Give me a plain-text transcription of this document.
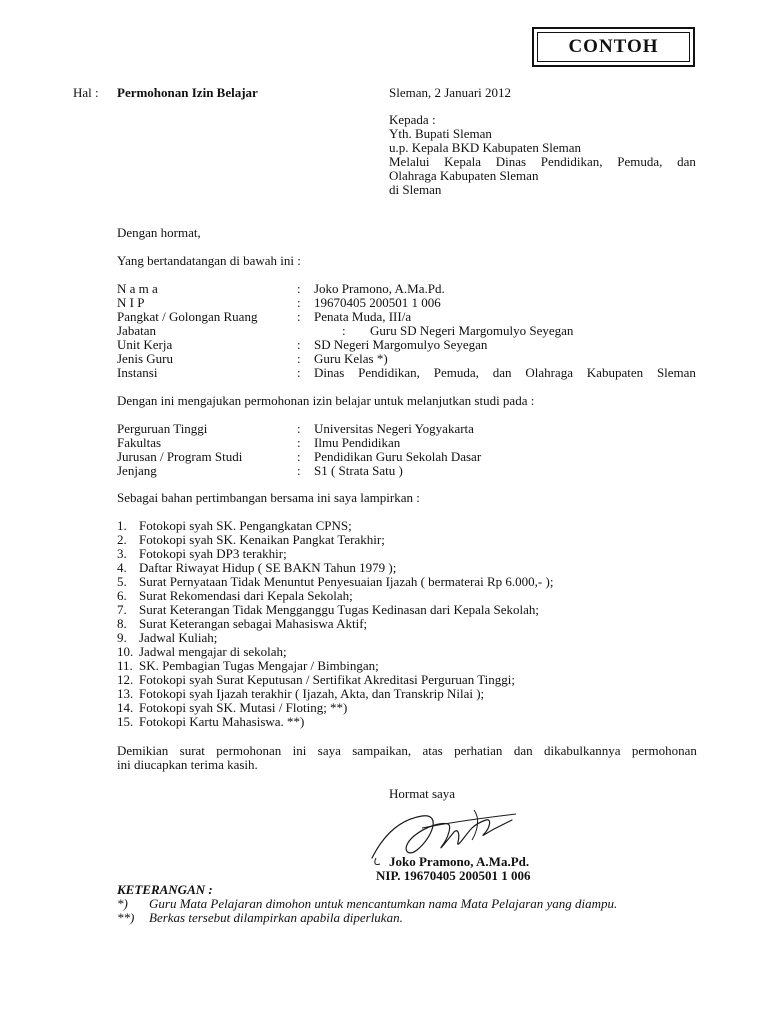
CONTOH
Hal : Permohonan Izin Belajar	Sleman, 2 Januari 2012
Kepada :
Yth. Bupati Sleman
u.p. Kepala BKD Kabupaten Sleman
Melalui Kepala Dinas Pendidikan, Pemuda, dan
Olahraga Kabupaten Sleman
di Sleman
Dengan hormat,
Yang bertandatangan di bawah ini :
N a m a	: Joko Pramono, A.Ma.Pd.
N I P	: 19670405 200501 1 006
Pangkat / Golongan Ruang	: Penata Muda, III/a
Jabatan	: Guru SD Negeri Margomulyo Seyegan
Unit Kerja	: SD Negeri Margomulyo Seyegan
Jenis Guru	: Guru Kelas *)
Instansi	: Dinas Pendidikan, Pemuda, dan Olahraga Kabupaten Sleman
Dengan ini mengajukan permohonan izin belajar untuk melanjutkan studi pada :
Perguruan Tinggi	: Universitas Negeri Yogyakarta
Fakultas	: Ilmu Pendidikan
Jurusan / Program Studi	: Pendidikan Guru Sekolah Dasar
Jenjang	: S1 ( Strata Satu )
Sebagai bahan pertimbangan bersama ini saya lampirkan :
1. Fotokopi syah SK. Pengangkatan CPNS;
2. Fotokopi syah SK. Kenaikan Pangkat Terakhir;
3. Fotokopi syah DP3 terakhir;
4. Daftar Riwayat Hidup ( SE BAKN Tahun 1979 );
5. Surat Pernyataan Tidak Menuntut Penyesuaian Ijazah ( bermaterai Rp 6.000,- );
6. Surat Rekomendasi dari Kepala Sekolah;
7. Surat Keterangan Tidak Mengganggu Tugas Kedinasan dari Kepala Sekolah;
8. Surat Keterangan sebagai Mahasiswa Aktif;
9. Jadwal Kuliah;
10. Jadwal mengajar di sekolah;
11. SK. Pembagian Tugas Mengajar / Bimbingan;
12. Fotokopi syah Surat Keputusan / Sertifikat Akreditasi Perguruan Tinggi;
13. Fotokopi syah Ijazah terakhir ( Ijazah, Akta, dan Transkrip Nilai );
14. Fotokopi syah SK. Mutasi / Floting; **)
15. Fotokopi Kartu Mahasiswa. **)
Demikian surat permohonan ini saya sampaikan, atas perhatian dan dikabulkannya permohonan
ini diucapkan terima kasih.
Hormat saya
Joko Pramono, A.Ma.Pd.
NIP. 19670405 200501 1 006
KETERANGAN :
*) Guru Mata Pelajaran dimohon untuk mencantumkan nama Mata Pelajaran yang diampu.
**) Berkas tersebut dilampirkan apabila diperlukan.
